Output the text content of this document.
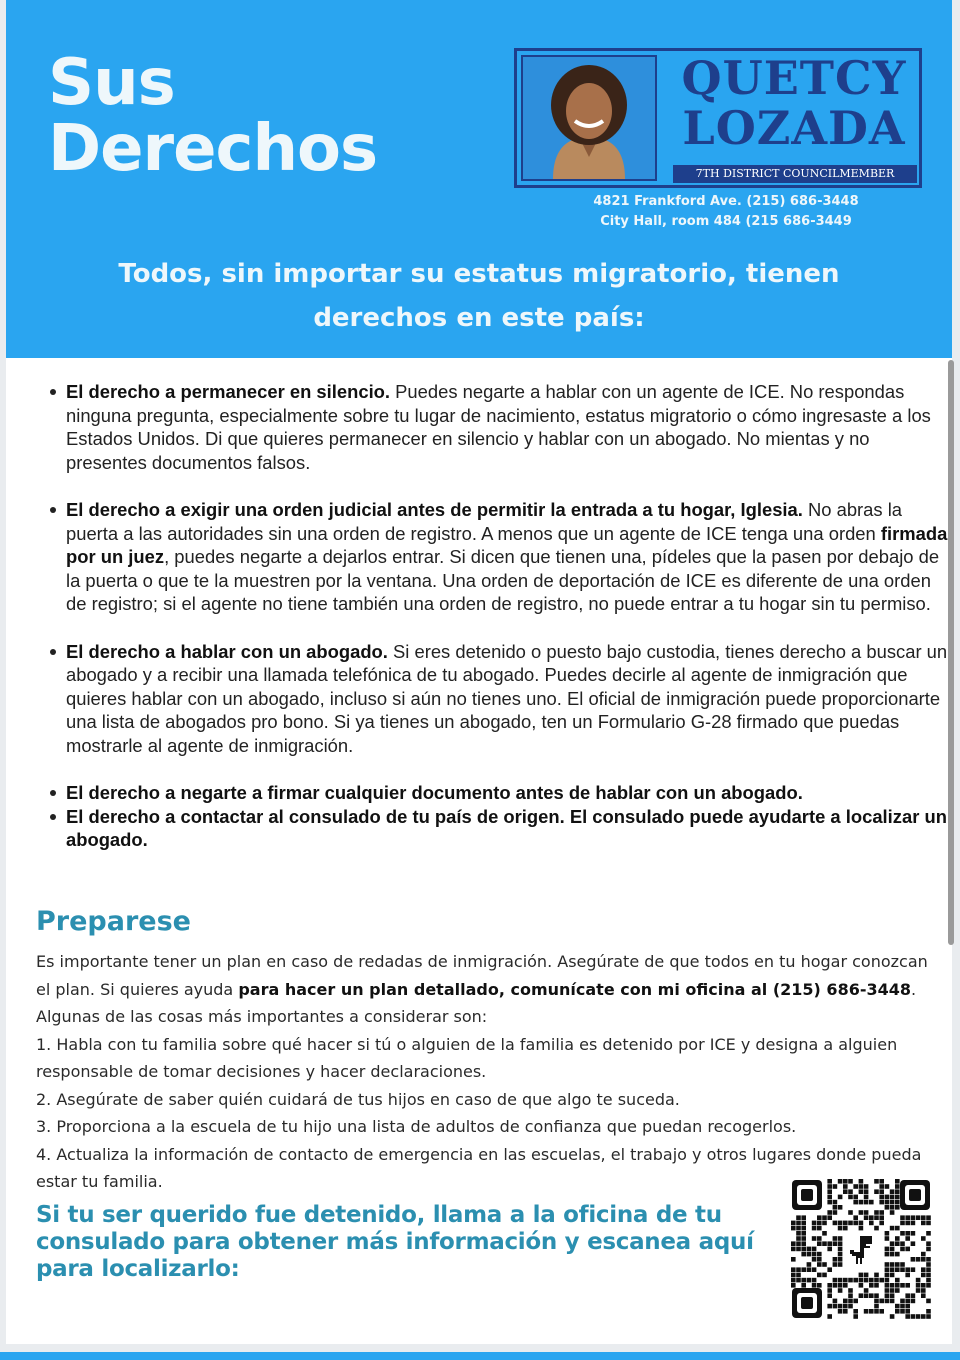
Sus
Derechos
QUETCY
LOZADA
7TH DISTRICT COUNCILMEMBER
4821 Frankford Ave. (215) 686-3448
City Hall, room 484 (215 686-3449
Todos, sin importar su estatus migratorio, tienen
derechos en este país:
El derecho a permanecer en silencio. Puedes negarte a hablar con un agente de ICE. No respondas ninguna pregunta, especialmente sobre tu lugar de nacimiento, estatus migratorio o cómo ingresaste a los Estados Unidos. Di que quieres permanecer en silencio y hablar con un abogado. No mientas y no presentes documentos falsos.
El derecho a exigir una orden judicial antes de permitir la entrada a tu hogar, Iglesia. No abras la puerta a las autoridades sin una orden de registro. A menos que un agente de ICE tenga una orden firmada por un juez, puedes negarte a dejarlos entrar. Si dicen que tienen una, pídeles que la pasen por debajo de la puerta o que te la muestren por la ventana. Una orden de deportación de ICE es diferente de una orden de registro; si el agente no tiene también una orden de registro, no puede entrar a tu hogar sin tu permiso.
El derecho a hablar con un abogado. Si eres detenido o puesto bajo custodia, tienes derecho a buscar un abogado y a recibir una llamada telefónica de tu abogado. Puedes decirle al agente de inmigración que quieres hablar con un abogado, incluso si aún no tienes uno. El oficial de inmigración puede proporcionarte una lista de abogados pro bono. Si ya tienes un abogado, ten un Formulario G-28 firmado que puedas mostrarle al agente de inmigración.
El derecho a negarte a firmar cualquier documento antes de hablar con un abogado.
El derecho a contactar al consulado de tu país de origen. El consulado puede ayudarte a localizar un abogado.
Preparese
Es importante tener un plan en caso de redadas de inmigración. Asegúrate de que todos en tu hogar conozcan el plan. Si quieres ayuda para hacer un plan detallado, comunícate con mi oficina al (215) 686-3448. Algunas de las cosas más importantes a considerar son:
1. Habla con tu familia sobre qué hacer si tú o alguien de la familia es detenido por ICE y designa a alguien responsable de tomar decisiones y hacer declaraciones.
2. Asegúrate de saber quién cuidará de tus hijos en caso de que algo te suceda.
3. Proporciona a la escuela de tu hijo una lista de adultos de confianza que puedan recogerlos.
4. Actualiza la información de contacto de emergencia en las escuelas, el trabajo y otros lugares donde pueda estar tu familia.
Si tu ser querido fue detenido, llama a la oficina de tu consulado para obtener más información y escanea aquí para localizarlo:
